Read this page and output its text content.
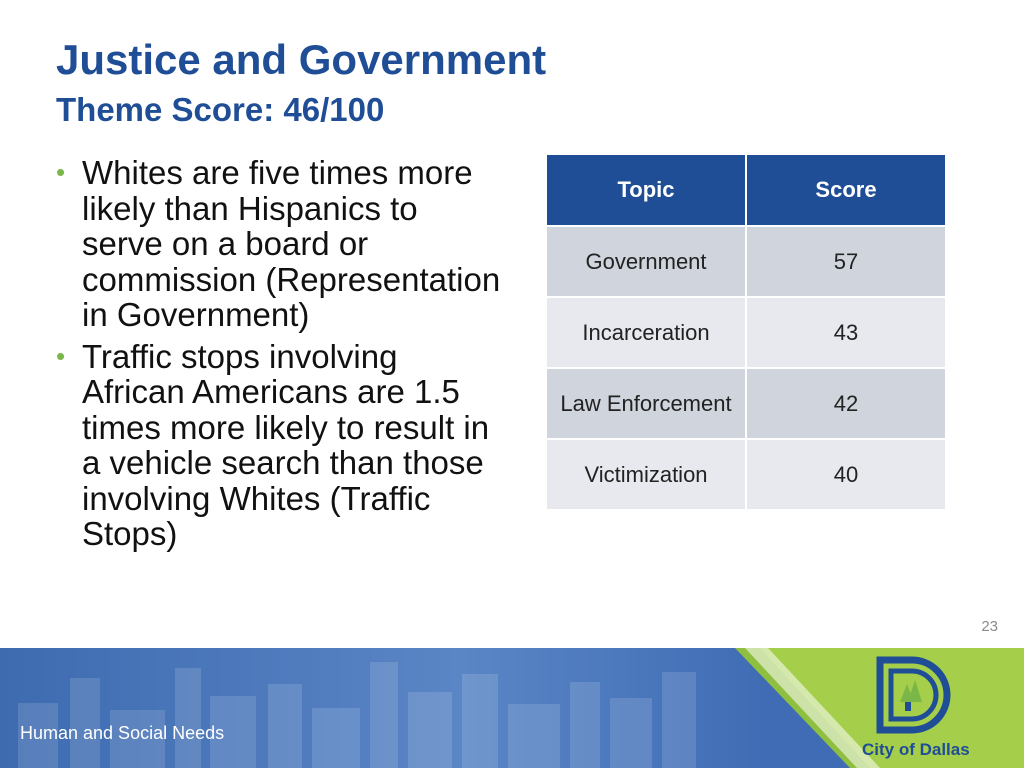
Justice and Government
Theme Score: 46/100
• Whites are five times more likely than Hispanics to serve on a board or commission (Representation in Government)
• Traffic stops involving African Americans are 1.5 times more likely to result in a vehicle search than those involving Whites (Traffic Stops)
Topic	Score
Government	57
Incarceration	43
Law Enforcement	42
Victimization	40
23
Human and Social Needs
City of Dallas
